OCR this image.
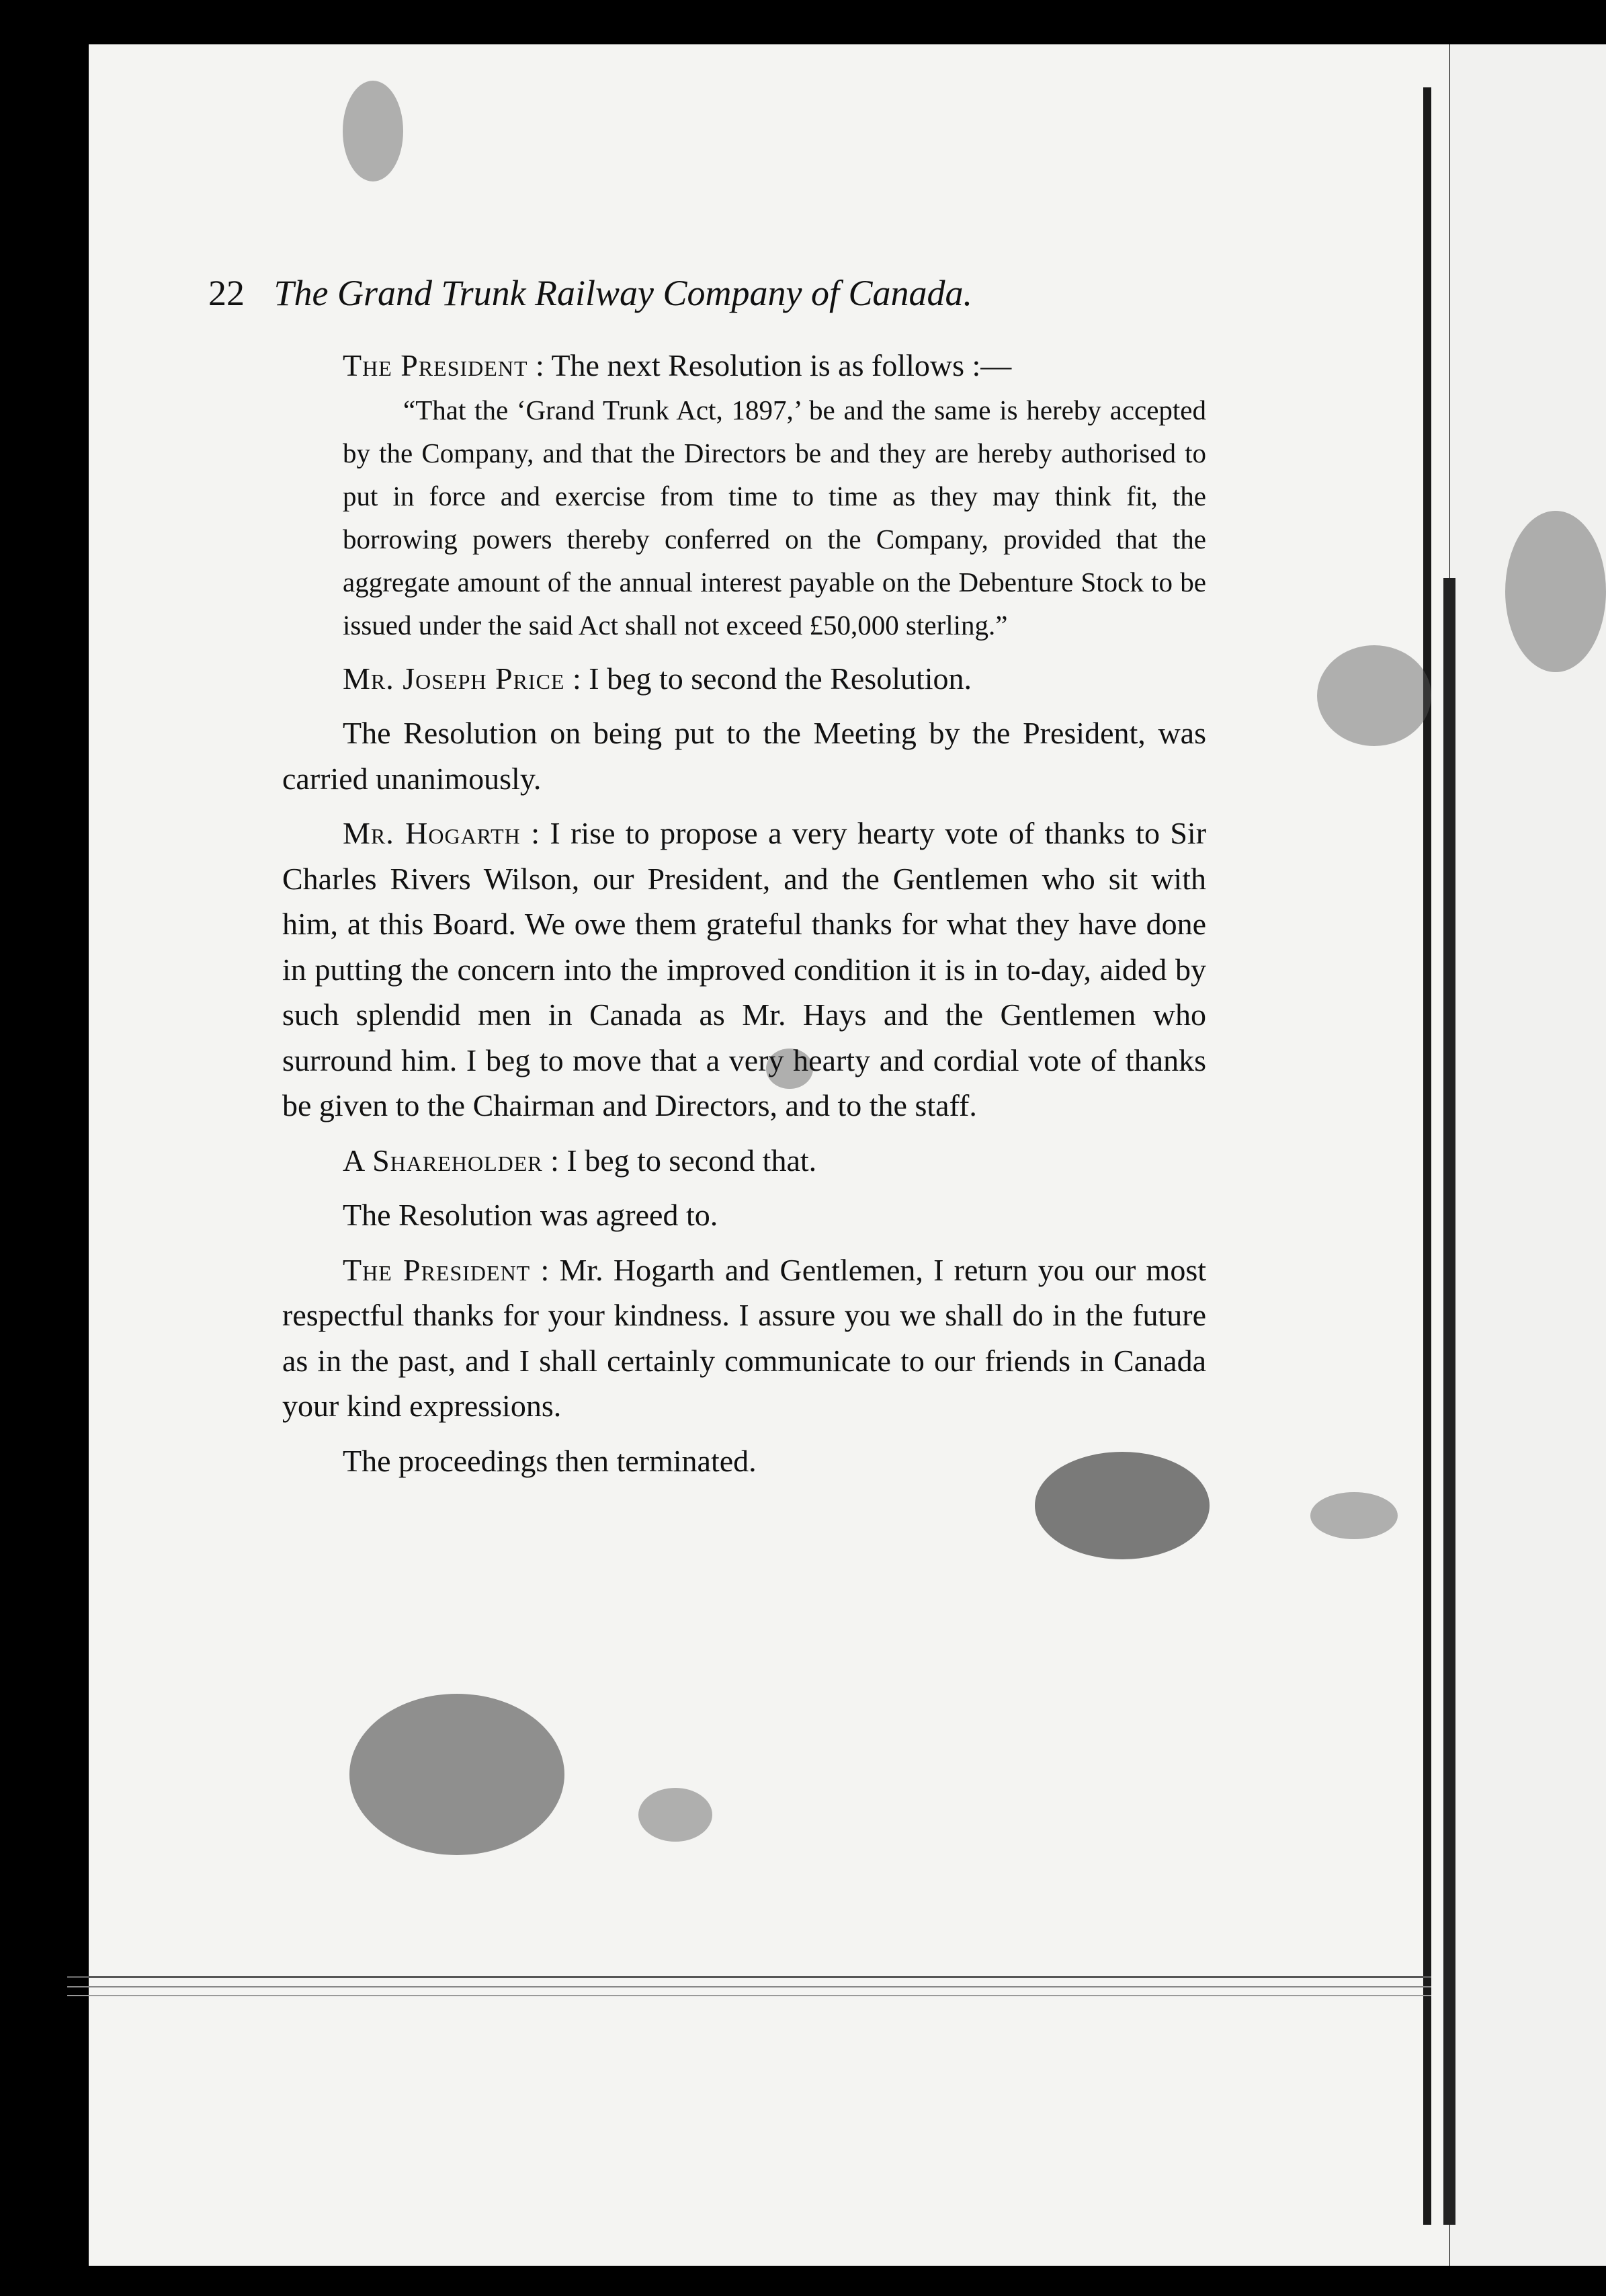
22 The Grand Trunk Railway Company of Canada.

The President : The next Resolution is as follows :—

“That the ‘Grand Trunk Act, 1897,’ be and the same is hereby accepted by the Company, and that the Directors be and they are hereby authorised to put in force and exercise from time to time as they may think fit, the borrowing powers thereby conferred on the Company, provided that the aggregate amount of the annual interest payable on the Debenture Stock to be issued under the said Act shall not exceed £50,000 sterling.”

Mr. Joseph Price : I beg to second the Resolution.

The Resolution on being put to the Meeting by the President, was carried unanimously.

Mr. Hogarth : I rise to propose a very hearty vote of thanks to Sir Charles Rivers Wilson, our President, and the Gentlemen who sit with him, at this Board. We owe them grateful thanks for what they have done in putting the concern into the improved condition it is in to-day, aided by such splendid men in Canada as Mr. Hays and the Gentlemen who surround him. I beg to move that a very hearty and cordial vote of thanks be given to the Chairman and Directors, and to the staff.

A Shareholder : I beg to second that.

The Resolution was agreed to.

The President : Mr. Hogarth and Gentlemen, I return you our most respectful thanks for your kindness. I assure you we shall do in the future as in the past, and I shall certainly communicate to our friends in Canada your kind expressions.

The proceedings then terminated.
